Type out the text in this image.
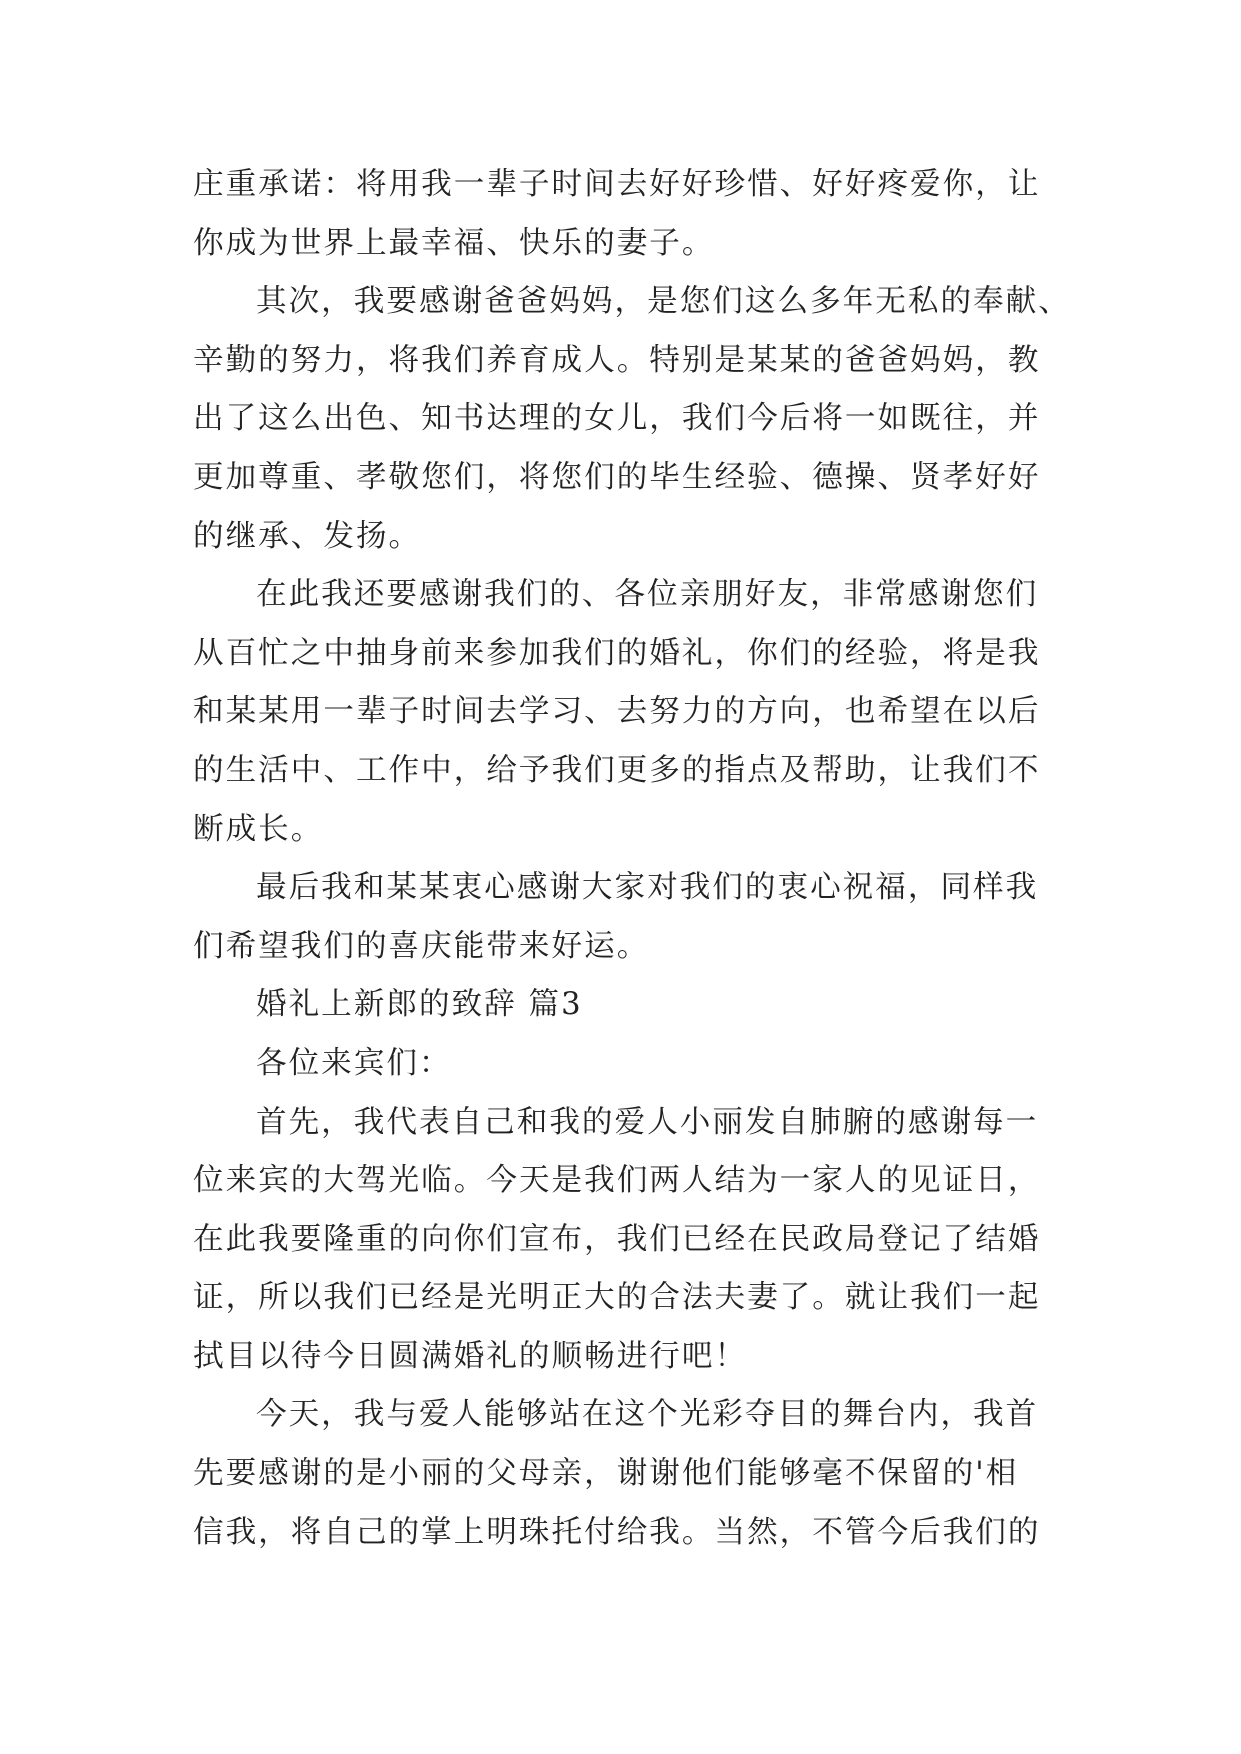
庄重承诺：将用我一辈子时间去好好珍惜、好好疼爱你，让
你成为世界上最幸福、快乐的妻子。
其次，我要感谢爸爸妈妈，是您们这么多年无私的奉献、
辛勤的努力，将我们养育成人。特别是某某的爸爸妈妈，教
出了这么出色、知书达理的女儿，我们今后将一如既往，并
更加尊重、孝敬您们，将您们的毕生经验、德操、贤孝好好
的继承、发扬。
在此我还要感谢我们的、各位亲朋好友，非常感谢您们
从百忙之中抽身前来参加我们的婚礼，你们的经验，将是我
和某某用一辈子时间去学习、去努力的方向，也希望在以后
的生活中、工作中，给予我们更多的指点及帮助，让我们不
断成长。
最后我和某某衷心感谢大家对我们的衷心祝福，同样我
们希望我们的喜庆能带来好运。
婚礼上新郎的致辞 篇3
各位来宾们：
首先，我代表自己和我的爱人小丽发自肺腑的感谢每一
位来宾的大驾光临。今天是我们两人结为一家人的见证日，
在此我要隆重的向你们宣布，我们已经在民政局登记了结婚
证，所以我们已经是光明正大的合法夫妻了。就让我们一起
拭目以待今日圆满婚礼的顺畅进行吧！
今天，我与爱人能够站在这个光彩夺目的舞台内，我首
先要感谢的是小丽的父母亲，谢谢他们能够毫不保留的'相
信我，将自己的掌上明珠托付给我。当然，不管今后我们的
